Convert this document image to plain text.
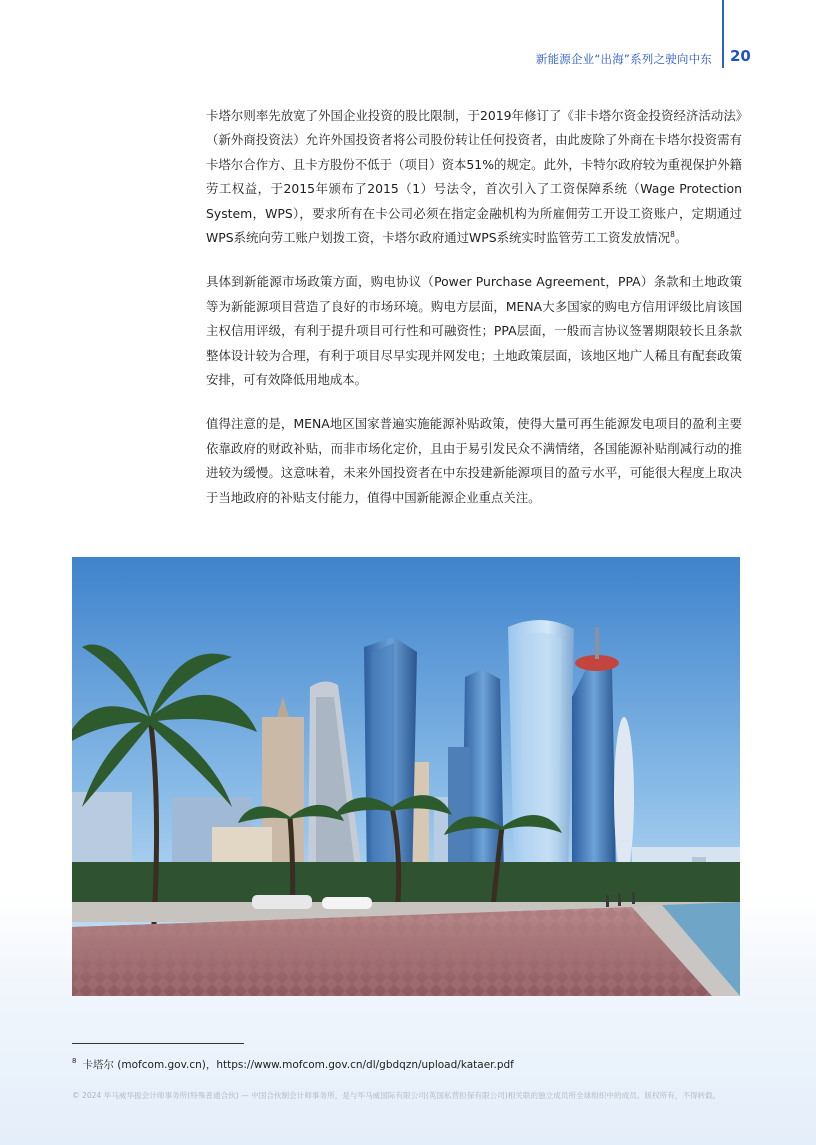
新能源企业“出海”系列之驶向中东 20

卡塔尔则率先放宽了外国企业投资的股比限制，于2019年修订了《非卡塔尔资金投资经济活动法》（新外商投资法）允许外国投资者将公司股份转让任何投资者，由此废除了外商在卡塔尔投资需有卡塔尔合作方、且卡方股份不低于（项目）资本51%的规定。此外，卡特尔政府较为重视保护外籍劳工权益，于2015年颁布了2015（1）号法令，首次引入了工资保障系统（Wage Protection System，WPS），要求所有在卡公司必须在指定金融机构为所雇佣劳工开设工资账户，定期通过WPS系统向劳工账户划拨工资，卡塔尔政府通过WPS系统实时监管劳工工资发放情况$^8$。

具体到新能源市场政策方面，购电协议（Power Purchase Agreement，PPA）条款和土地政策等为新能源项目营造了良好的市场环境。购电方层面，MENA大多国家的购电方信用评级比肩该国主权信用评级，有利于提升项目可行性和可融资性；PPA层面，一般而言协议签署期限较长且条款整体设计较为合理，有利于项目尽早实现并网发电；土地政策层面，该地区地广人稀且有配套政策安排，可有效降低用地成本。

值得注意的是，MENA地区国家普遍实施能源补贴政策，使得大量可再生能源发电项目的盈利主要依靠政府的财政补贴，而非市场化定价，且由于易引发民众不满情绪，各国能源补贴削减行动的推进较为缓慢。这意味着，未来外国投资者在中东投建新能源项目的盈亏水平，可能很大程度上取决于当地政府的补贴支付能力，值得中国新能源企业重点关注。

$^8$ 卡塔尔 (mofcom.gov.cn)，https://www.mofcom.gov.cn/dl/gbdqzn/upload/kataer.pdf
© 2024 毕马威华振会计师事务所(特殊普通合伙) — 中国合伙制会计师事务所，是与毕马威国际有限公司(英国私营担保有限公司)相关联的独立成员所全球组织中的成员。版权所有，不得转载。
